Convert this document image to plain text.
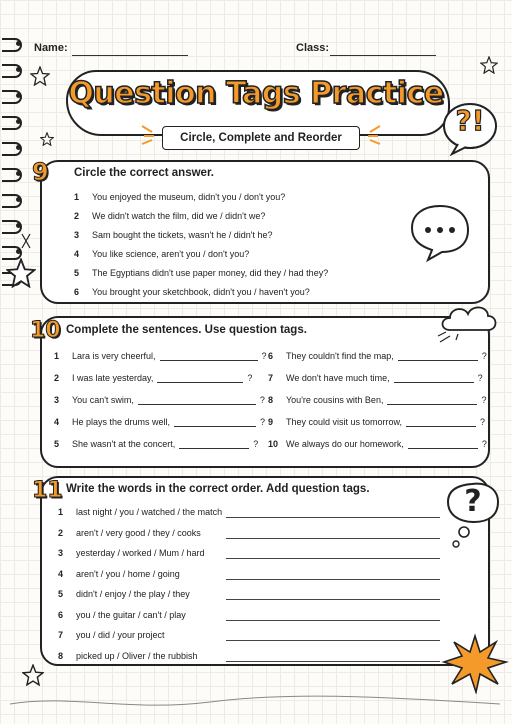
Name:	Class:
Question Tags Practice
Circle, Complete and Reorder
?!
9 Circle the correct answer.
1 You enjoyed the museum, didn't you / don't you?
2 We didn't watch the film, did we / didn't we?
3 Sam bought the tickets, wasn't he / didn't he?
4 You like science, aren't you / don't you?
5 The Egyptians didn't use paper money, did they / had they?
6 You brought your sketchbook, didn't you / haven't you?
10 Complete the sentences. Use question tags.
1 Lara is very cheerful,	?
2 I was late yesterday,	?
3 You can't swim,	?
4 He plays the drums well,	?
5 She wasn't at the concert,	?
6 They couldn't find the map,	?
7 We don't have much time,	?
8 You're cousins with Ben,	?
9 They could visit us tomorrow,	?
10 We always do our homework,	?
11 Write the words in the correct order. Add question tags.
1 last night / you / watched / the match
2 aren't / very good / they / cooks
3 yesterday / worked / Mum / hard
4 aren't / you / home / going
5 didn't / enjoy / the play / they
6 you / the guitar / can't / play
7 you / did / your project
8 picked up / Oliver / the rubbish
?
